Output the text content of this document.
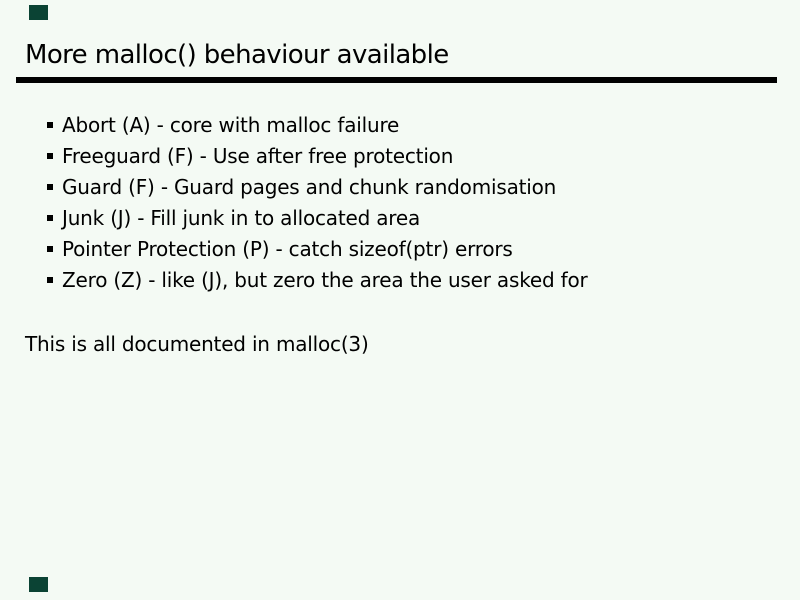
More malloc() behaviour available
Abort (A) - core with malloc failure
Freeguard (F) - Use after free protection
Guard (F) - Guard pages and chunk randomisation
Junk (J) - Fill junk in to allocated area
Pointer Protection (P) - catch sizeof(ptr) errors
Zero (Z) - like (J), but zero the area the user asked for

This is all documented in malloc(3)
